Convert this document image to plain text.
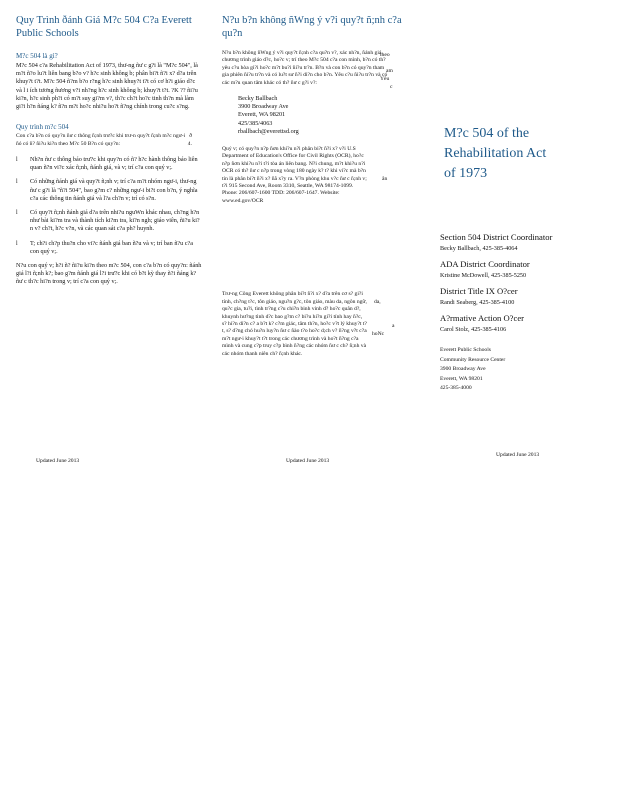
Quy Trình ðánh Giá M?c 504 C?a Everett Public Schools
M?c 504 là gì?
M?c 504 c?a Rehabilitation Act of 1973, thư-ng ñư c g?i là "M?c 504", là m?t ñ?o lu?t liên bang b?o v? h?c sinh không b; phân bi?t ñ?i x? d?a trên khuy?t t?t. M?c 504 ñ?m b?o r?ng h?c sinh khuy?t t?t có cơ h?i giáo d?c và l i ích tương ñương v?i nh?ng h?c sinh không b; khuy?t t?t. ?K ?? ñi?u ki?n, h?c sinh ph?i có m?t suy gi?m v?, th?c ch?t ho?c tinh th?n mà làm gi?i h?n ñáng k? ñ?n m?t ho?c nhi?u ho?t ñ?ng chính trong cu?c s?ng.
Quy trình m?c 504
Con c?a b?n có quy?n ñư c thông ñ;nh trư?c khi trư-n quy?t ñ;nh m?c ngư-i ñó có ñ? ñi?u ki?n theo M?c 50 B?n có quy?n:
ð
4.
l Nh?n ñư c thông báo trư?c khi quy?n có ñ? h?c hành thông báo liên quan ñ?n vi?c xác ñ;nh, ñánh giá, và v; trí c?a con quý v;.
l Có những ñánh giá và quy?t ñ;nh v; trí c?a m?t nhóm ngư-i, thư-ng ñư c g?i là "ñ?i 504", bao g?m c? những ngư-i bi?t con b?n, ý nghĩa c?a các thông tin ñánh giá và l?a ch?n v; trí có s?n.
l Có quy?t ñ;nh ñánh giá d?a trên nhi?u nguWn khác nhau, ch?ng h?n như bài ki?m tra và thành tích ki?m tra, ki?n ngh; giáo viên, ñi?u ki?n v? ch?t, h?c v?n, và các quan sát c?a ph? huynh.
l T; ch?i ch?p thu?n cho vi?c ñánh giá ban ñ?u và v; trí ban ñ?u c?a con quý v;.
N?u con quý v; h?i ñ? ñi?u ki?n theo m?c 504, con c?a b?n có quy?n: ñánh giá l?i ñ;nh k?; bao g?m ñánh giá l?i trư?c khi có b?t kỳ thay ñ?i ñáng k? ñư c th?c hi?n trong v; trí c?a con quý v;.
Updated June 2013
N?u b?n không ñWng ý v?i quy?t ñ;nh c?a qu?n
N?u b?n không ñWng ý v?i quy?t ñ;nh c?a qu?n v?, xác nh?n, ñánh giá, chương trình giáo d?c, ho?c v; trí theo M?c 504 c?a con mình, b?n có th? yêu c?u hòa gi?i ho?c m?t bu?i ñi?u tr?n. B?n và con b?n có quy?n tham gia phiên ñi?u tr?n và có lu?t sư ñ?i di?n cho b?n. Yêu c?u ñi?u tr?n và có các m?u quan tâm khác có th? ñư c g?i v?:
theo
am
Yêu
c
Becky Ballbach
3900 Broadway Ave
Everett, WA 98201
425/385/4063
rballbach@everettsd.org
Quý v; có quy?n n?p ñơn khi?u n?i phân bi?t ñ?i x? v?i U.S Department of Education's Office for Civil Rights (OCR), ho?c n?p ñơn khi?u n?i t?i tòa án liên bang. N?i chung, m?t khi?u n?i OCR có th? ñư c n?p trong vòng 180 ngày k? t? khi vi?c mà b?n tin là phân bi?t ñ?i x? ñã x?y ra. V?n phòng khu v?c ñư c ñ;nh v; t?i 915 Second Ave, Room 3310, Seattle, WA 98174-1099. Phone: 206/607-1600 TDD: 206/607-1647. Website: www.ed.gov/OCR
ân
Trư-ng Công Everett không phân bi?t ñ?i x? d?a trên cơ s? gi?i tính, ch?ng t?c, tôn giáo, ngu?n g?c, tôn giáo, màu da, ngôn ngữ, qu?c gia, tu?i, tình tr?ng c?u chi?n binh vinh d? ho?c quân d?, khuynh hư?ng tình d?c bao g?m c? bi?u hi?n gi?i tính hay ñ?c, s? hi?n di?n c? a b?t k? c?m giác, tâm th?n, ho?c v?t lý khuy?t t?t, s? d?ng chó hu?n luy?n ñư c ñào t?o ho?c d;ch v? ñ?ng v?t c?a m?t ngư-i khuy?t t?t trong các chương trình và ho?t ñ?ng c?a mình và cung c?p truy c?p bình ñ?ng các nhóm ñư c ch? ñ;nh và các nhóm thanh niên ch? ñ;nh khác.
da,
a
hoNc
Updated June 2013
M?c 504 of the
Rehabilitation Act
of 1973
Section 504 District Coordinator
Becky Ballbach, 425-385-4064
ADA District Coordinator
Kristine McDowell, 425-385-5250
District Title IX O?cer
Randi Seaberg, 425-385-4100
A?rmative Action O?cer
Carol Stolz, 425-385-4106
Everett Public Schools
Community Resource Center
3900 Broadway Ave
Everett, WA 98201
425-385-4000
Updated June 2013
